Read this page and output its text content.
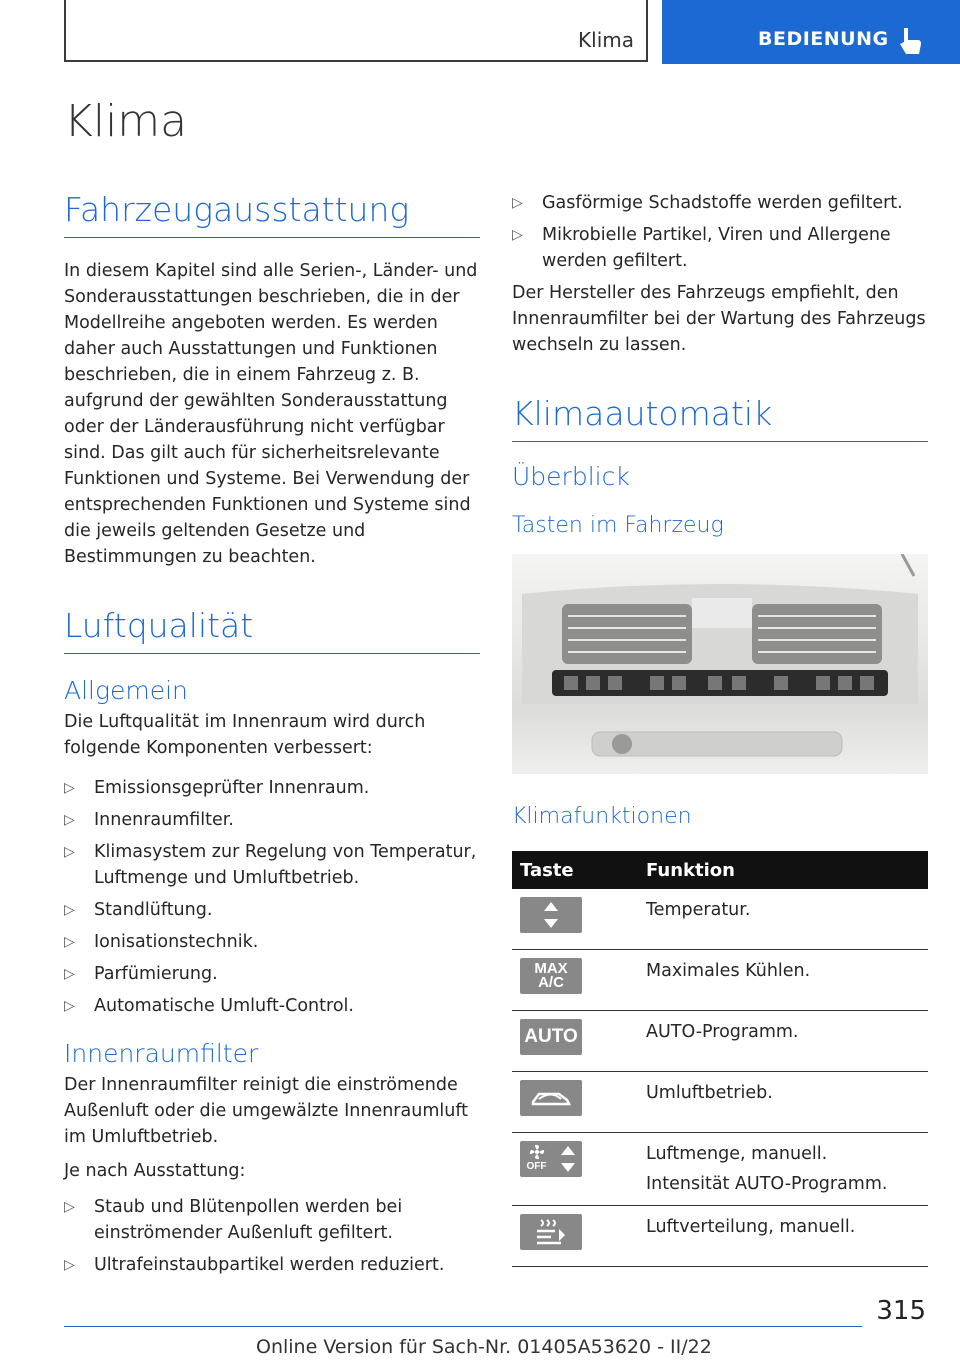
Klima	BEDIENUNG
Klima
Fahrzeugausstattung

In diesem Kapitel sind alle Serien-, Länder- und Sonderausstattungen beschrieben, die in der Modellreihe angeboten werden. Es werden daher auch Ausstattungen und Funktionen beschrieben, die in einem Fahrzeug z. B. aufgrund der gewählten Sonderausstattung oder der Länderausführung nicht verfügbar sind. Das gilt auch für sicherheitsrelevante Funktionen und Systeme. Bei Verwendung der entsprechenden Funktionen und Systeme sind die jeweils geltenden Gesetze und Bestimmungen zu beachten.

Luftqualität
Allgemein

Die Luftqualität im Innenraum wird durch folgende Komponenten verbessert:

▷ Emissionsgeprüfter Innenraum.
▷ Innenraumfilter.
▷ Klimasystem zur Regelung von Temperatur, Luftmenge und Umluftbetrieb.
▷ Standlüftung.
▷ Ionisationstechnik.
▷ Parfümierung.
▷ Automatische Umluft-Control.
Innenraumfilter

Der Innenraumfilter reinigt die einströmende Außenluft oder die umgewälzte Innenraumluft im Umluftbetrieb.

Je nach Ausstattung:

▷ Staub und Blütenpollen werden bei einströmender Außenluft gefiltert.
▷ Ultrafeinstaubpartikel werden reduziert.
▷ Gasförmige Schadstoffe werden gefiltert.
▷ Mikrobielle Partikel, Viren und Allergene werden gefiltert.

Der Hersteller des Fahrzeugs empfiehlt, den Innenraumfilter bei der Wartung des Fahrzeugs wechseln zu lassen.

Klimaautomatik
Überblick
Tasten im Fahrzeug
Klimafunktionen
Taste	Funktion

	Temperatur.

MAX
A/C	Maximales Kühlen.

AUTO	AUTO-Programm.

	Umluftbetrieb.

OFF	Luftmenge, manuell.
Intensität AUTO-Programm.

	Luftverteilung, manuell.
315
Online Version für Sach-Nr. 01405A53620 - II/22
